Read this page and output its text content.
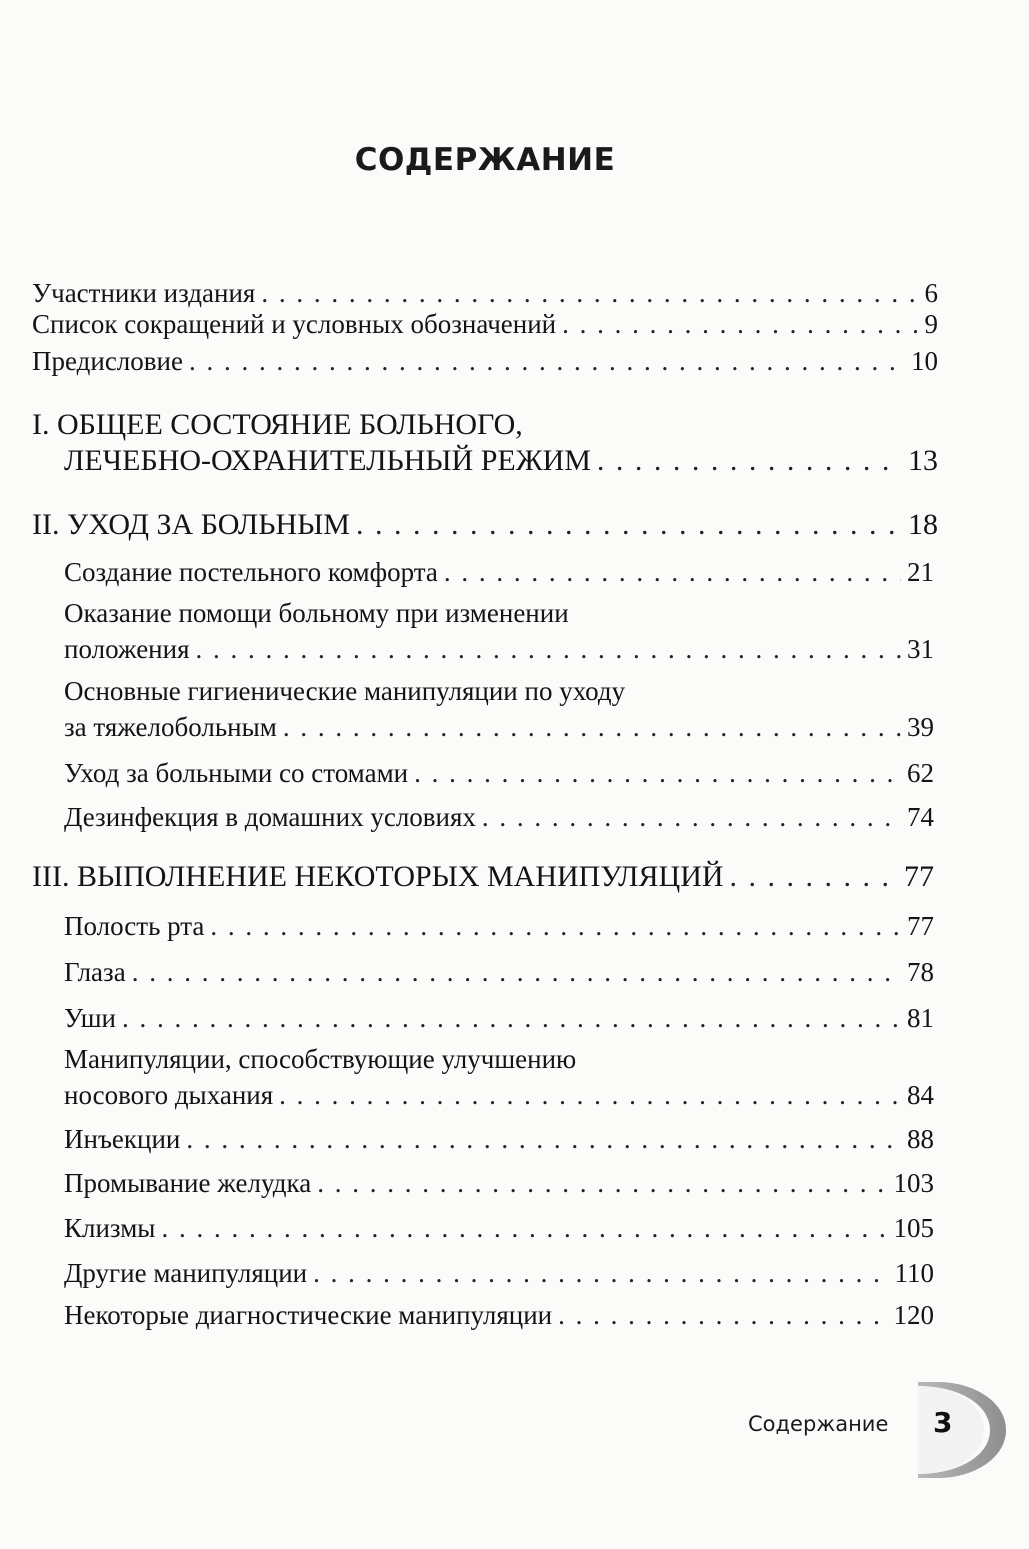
СОДЕРЖАНИЕ
Участники издания . . .	6
Список сокращений и условных обозначений . . .	9
Предисловие . . .	10
I. ОБЩЕЕ СОСТОЯНИЕ БОЛЬНОГО,
ЛЕЧЕБНО-ОХРАНИТЕЛЬНЫЙ РЕЖИМ . . .	13
II. УХОД ЗА БОЛЬНЫМ . . .	18
Создание постельного комфорта . . .	21
Оказание помощи больному при изменении
положения . . .	31
Основные гигиенические манипуляции по уходу
за тяжелобольным . . .	39
Уход за больными со стомами . . .	62
Дезинфекция в домашних условиях . . .	74
III. ВЫПОЛНЕНИЕ НЕКОТОРЫХ МАНИПУЛЯЦИЙ . . .	77
Полость рта . . .	77
Глаза . . .	78
Уши . . .	81
Манипуляции, способствующие улучшению
носового дыхания . . .	84
Инъекции . . .	88
Промывание желудка . . .	103
Клизмы . . .	105
Другие манипуляции . . .	110
Некоторые диагностические манипуляции . . .	120
Содержание 3
